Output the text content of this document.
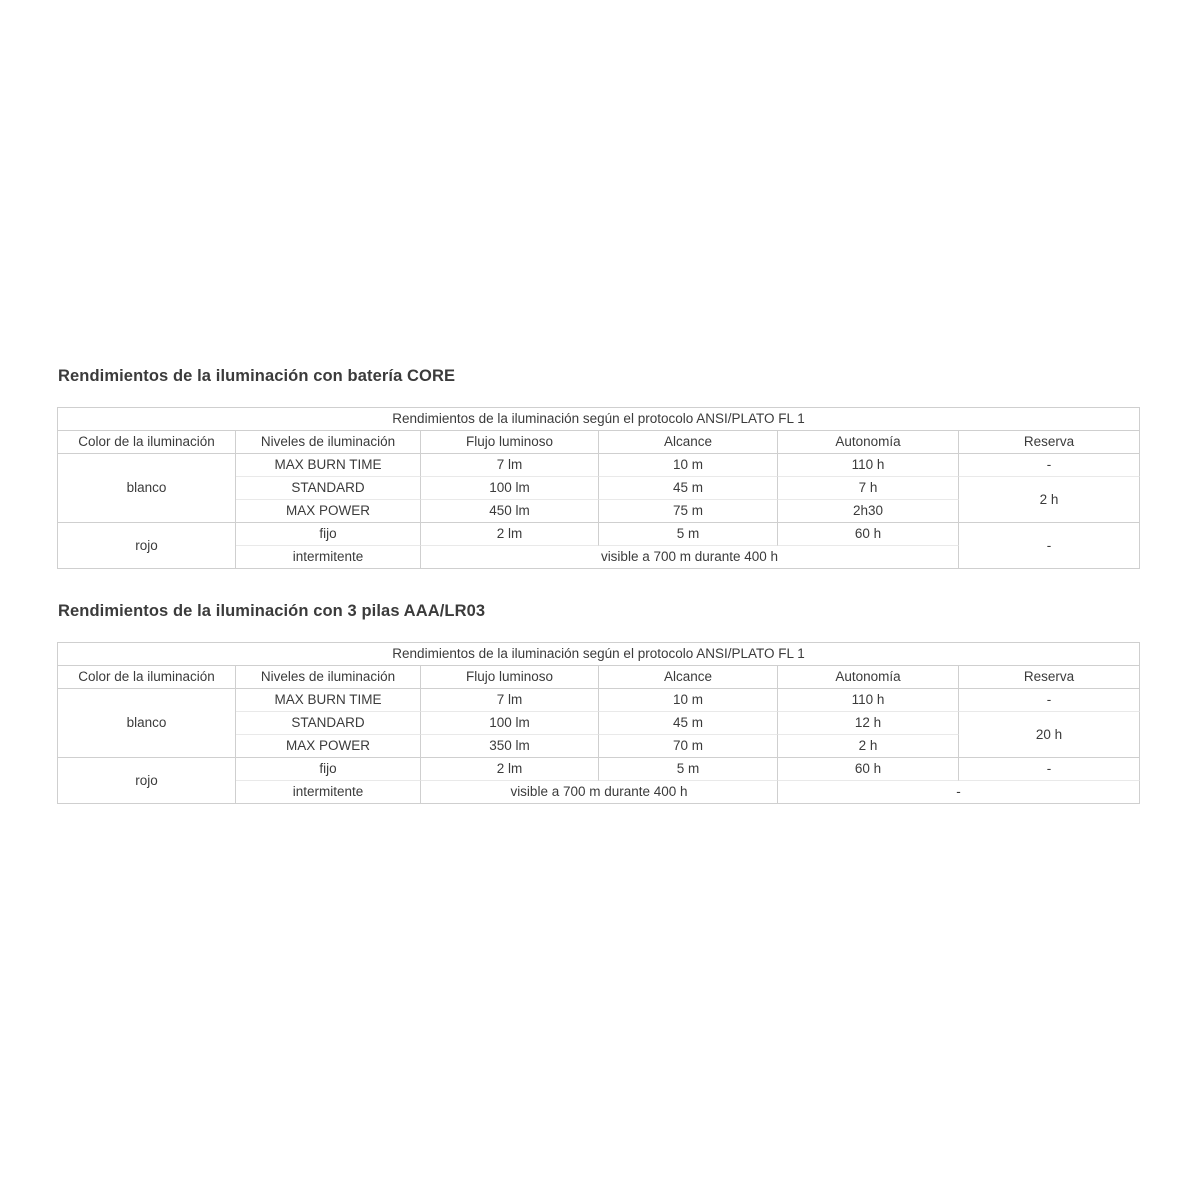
Rendimientos de la iluminación con batería CORE
Rendimientos de la iluminación según el protocolo ANSI/PLATO FL 1					
Color de la iluminación	Niveles de iluminación	Flujo luminoso	Alcance	Autonomía	Reserva
blanco	MAX BURN TIME	7 lm	10 m	110 h	-
	STANDARD	100 lm	45 m	7 h	2 h
	MAX POWER	450 lm	75 m	2h30	
rojo	fijo	2 lm	5 m	60 h	-
	intermitente	visible a 700 m durante 400 h			
Rendimientos de la iluminación con 3 pilas AAA/LR03
Rendimientos de la iluminación según el protocolo ANSI/PLATO FL 1					
Color de la iluminación	Niveles de iluminación	Flujo luminoso	Alcance	Autonomía	Reserva
blanco	MAX BURN TIME	7 lm	10 m	110 h	-
	STANDARD	100 lm	45 m	12 h	20 h
	MAX POWER	350 lm	70 m	2 h	
rojo	fijo	2 lm	5 m	60 h	-
	intermitente	visible a 700 m durante 400 h		-	
